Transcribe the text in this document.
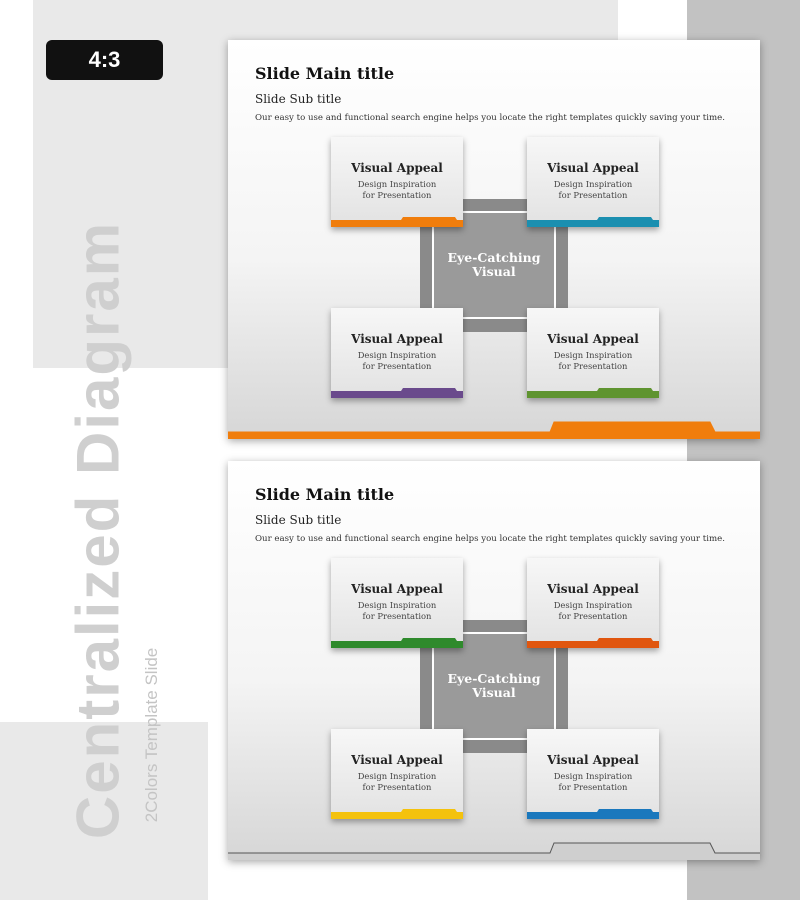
4:3
Centralized Diagram 2Colors Template Slide
Slide Main title
Slide Sub title
Our easy to use and functional search engine helps you locate the right templates quickly saving your time.
Eye-Catching
Visual
Visual Appeal
Design Inspiration
for Presentation
Visual Appeal
Design Inspiration
for Presentation
Visual Appeal
Design Inspiration
for Presentation
Visual Appeal
Design Inspiration
for Presentation
Slide Main title
Slide Sub title
Our easy to use and functional search engine helps you locate the right templates quickly saving your time.
Eye-Catching
Visual
Visual Appeal
Design Inspiration
for Presentation
Visual Appeal
Design Inspiration
for Presentation
Visual Appeal
Design Inspiration
for Presentation
Visual Appeal
Design Inspiration
for Presentation
